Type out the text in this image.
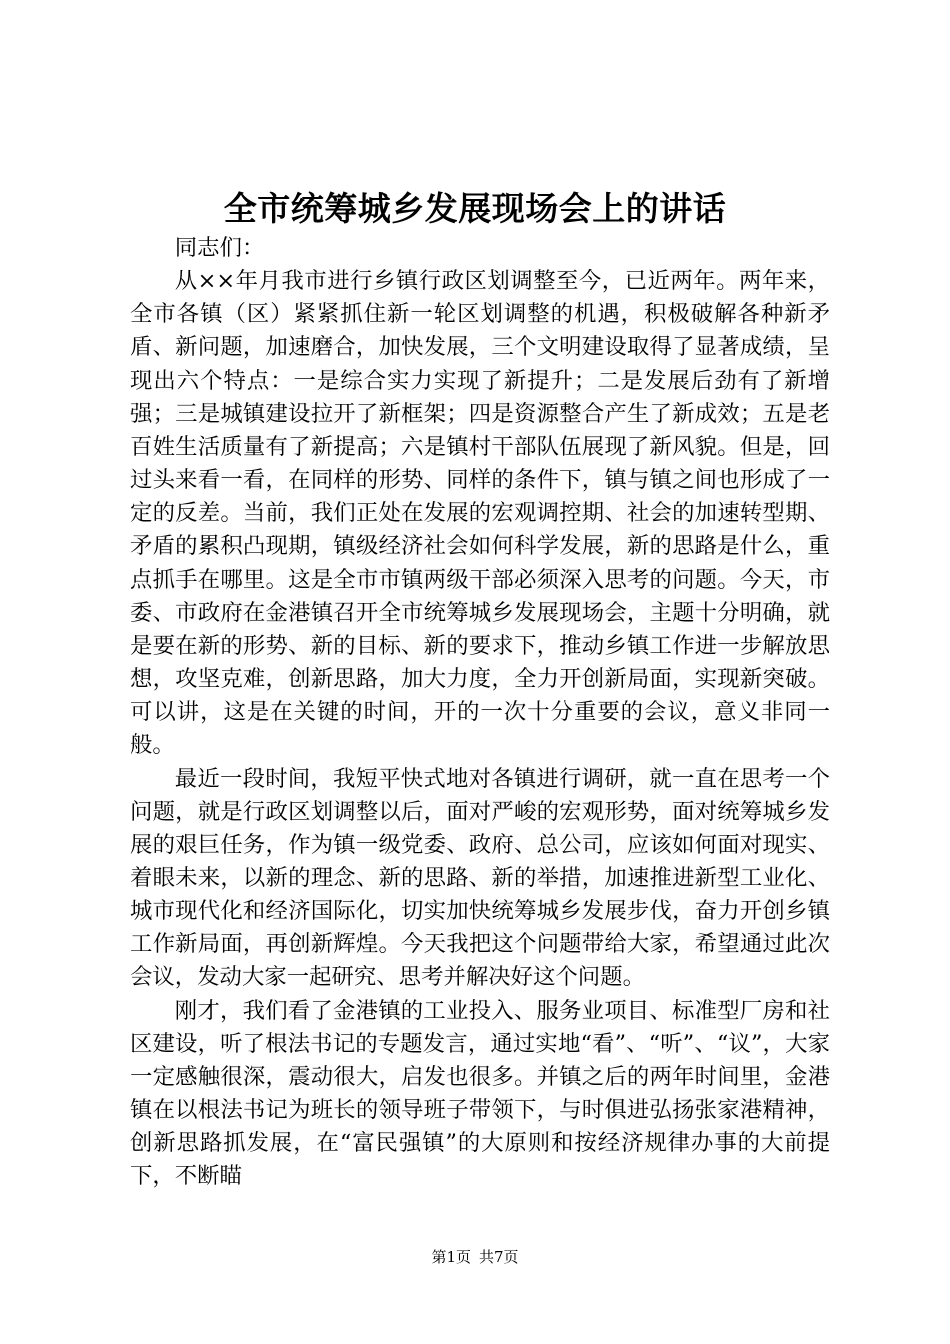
全市统筹城乡发展现场会上的讲话

同志们：

从××年月我市进行乡镇行政区划调整至今，已近两年。两年来，全市各镇（区）紧紧抓住新一轮区划调整的机遇，积极破解各种新矛盾、新问题，加速磨合，加快发展，三个文明建设取得了显著成绩，呈现出六个特点：一是综合实力实现了新提升；二是发展后劲有了新增强；三是城镇建设拉开了新框架；四是资源整合产生了新成效；五是老百姓生活质量有了新提高；六是镇村干部队伍展现了新风貌。但是，回过头来看一看，在同样的形势、同样的条件下，镇与镇之间也形成了一定的反差。当前，我们正处在发展的宏观调控期、社会的加速转型期、矛盾的累积凸现期，镇级经济社会如何科学发展，新的思路是什么，重点抓手在哪里。这是全市市镇两级干部必须深入思考的问题。今天，市委、市政府在金港镇召开全市统筹城乡发展现场会，主题十分明确，就是要在新的形势、新的目标、新的要求下，推动乡镇工作进一步解放思想，攻坚克难，创新思路，加大力度，全力开创新局面，实现新突破。可以讲，这是在关键的时间，开的一次十分重要的会议，意义非同一般。

最近一段时间，我短平快式地对各镇进行调研，就一直在思考一个问题，就是行政区划调整以后，面对严峻的宏观形势，面对统筹城乡发展的艰巨任务，作为镇一级党委、政府、总公司，应该如何面对现实、着眼未来，以新的理念、新的思路、新的举措，加速推进新型工业化、城市现代化和经济国际化，切实加快统筹城乡发展步伐，奋力开创乡镇工作新局面，再创新辉煌。今天我把这个问题带给大家，希望通过此次会议，发动大家一起研究、思考并解决好这个问题。

刚才，我们看了金港镇的工业投入、服务业项目、标准型厂房和社区建设，听了根法书记的专题发言，通过实地“看”、“听”、“议”，大家一定感触很深，震动很大，启发也很多。并镇之后的两年时间里，金港镇在以根法书记为班长的领导班子带领下，与时俱进弘扬张家港精神，创新思路抓发展，在“富民强镇”的大原则和按经济规律办事的大前提下，不断瞄

第1页 共7页
